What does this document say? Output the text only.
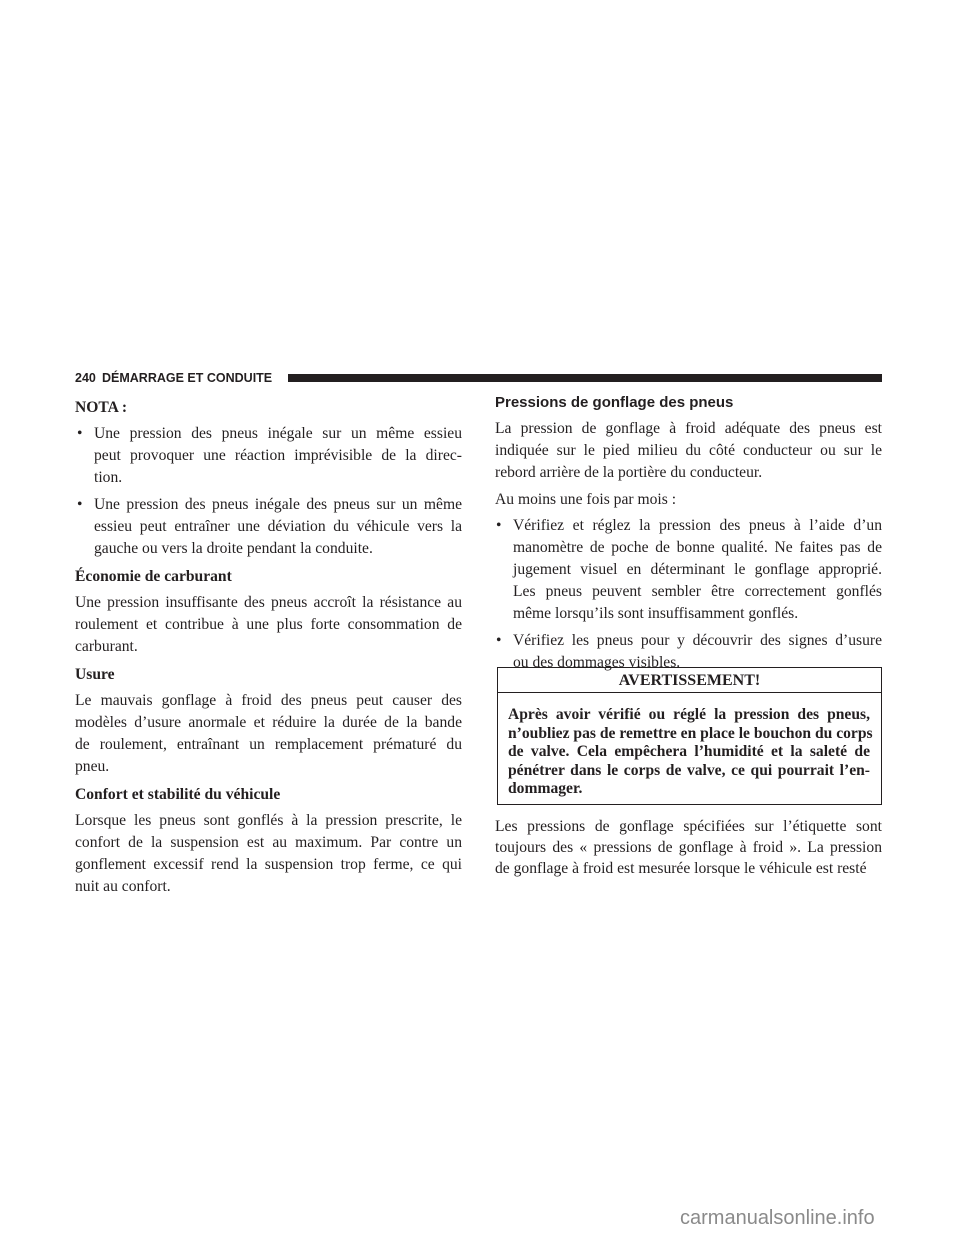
240 DÉMARRAGE ET CONDUITE
AVERTISSEMENT!
NOTA :
• Une pression des pneus inégale sur un même essieu
peut provoquer une réaction imprévisible de la direc-
tion.
• Une pression des pneus inégale des pneus sur un même
essieu peut entraîner une déviation du véhicule vers la
gauche ou vers la droite pendant la conduite.
Économie de carburant
Une pression insuffisante des pneus accroît la résistance au
roulement et contribue à une plus forte consommation de
carburant.
Usure
Le mauvais gonflage à froid des pneus peut causer des
modèles d’usure anormale et réduire la durée de la bande
de roulement, entraînant un remplacement prématuré du
pneu.
Confort et stabilité du véhicule
Lorsque les pneus sont gonflés à la pression prescrite, le
confort de la suspension est au maximum. Par contre un
gonflement excessif rend la suspension trop ferme, ce qui
nuit au confort.
Pressions de gonflage des pneus
La pression de gonflage à froid adéquate des pneus est
indiquée sur le pied milieu du côté conducteur ou sur le
rebord arrière de la portière du conducteur.
Au moins une fois par mois :
• Vérifiez et réglez la pression des pneus à l’aide d’un
manomètre de poche de bonne qualité. Ne faites pas de
jugement visuel en déterminant le gonflage approprié.
Les pneus peuvent sembler être correctement gonflés
même lorsqu’ils sont insuffisamment gonflés.
• Vérifiez les pneus pour y découvrir des signes d’usure
ou des dommages visibles.
Après avoir vérifié ou réglé la pression des pneus,
n’oubliez pas de remettre en place le bouchon du corps
de valve. Cela empêchera l’humidité et la saleté de
pénétrer dans le corps de valve, ce qui pourrait l’en-
dommager.
Les pressions de gonflage spécifiées sur l’étiquette sont
toujours des « pressions de gonflage à froid ». La pression
de gonflage à froid est mesurée lorsque le véhicule est resté
carmanualsonline.info
